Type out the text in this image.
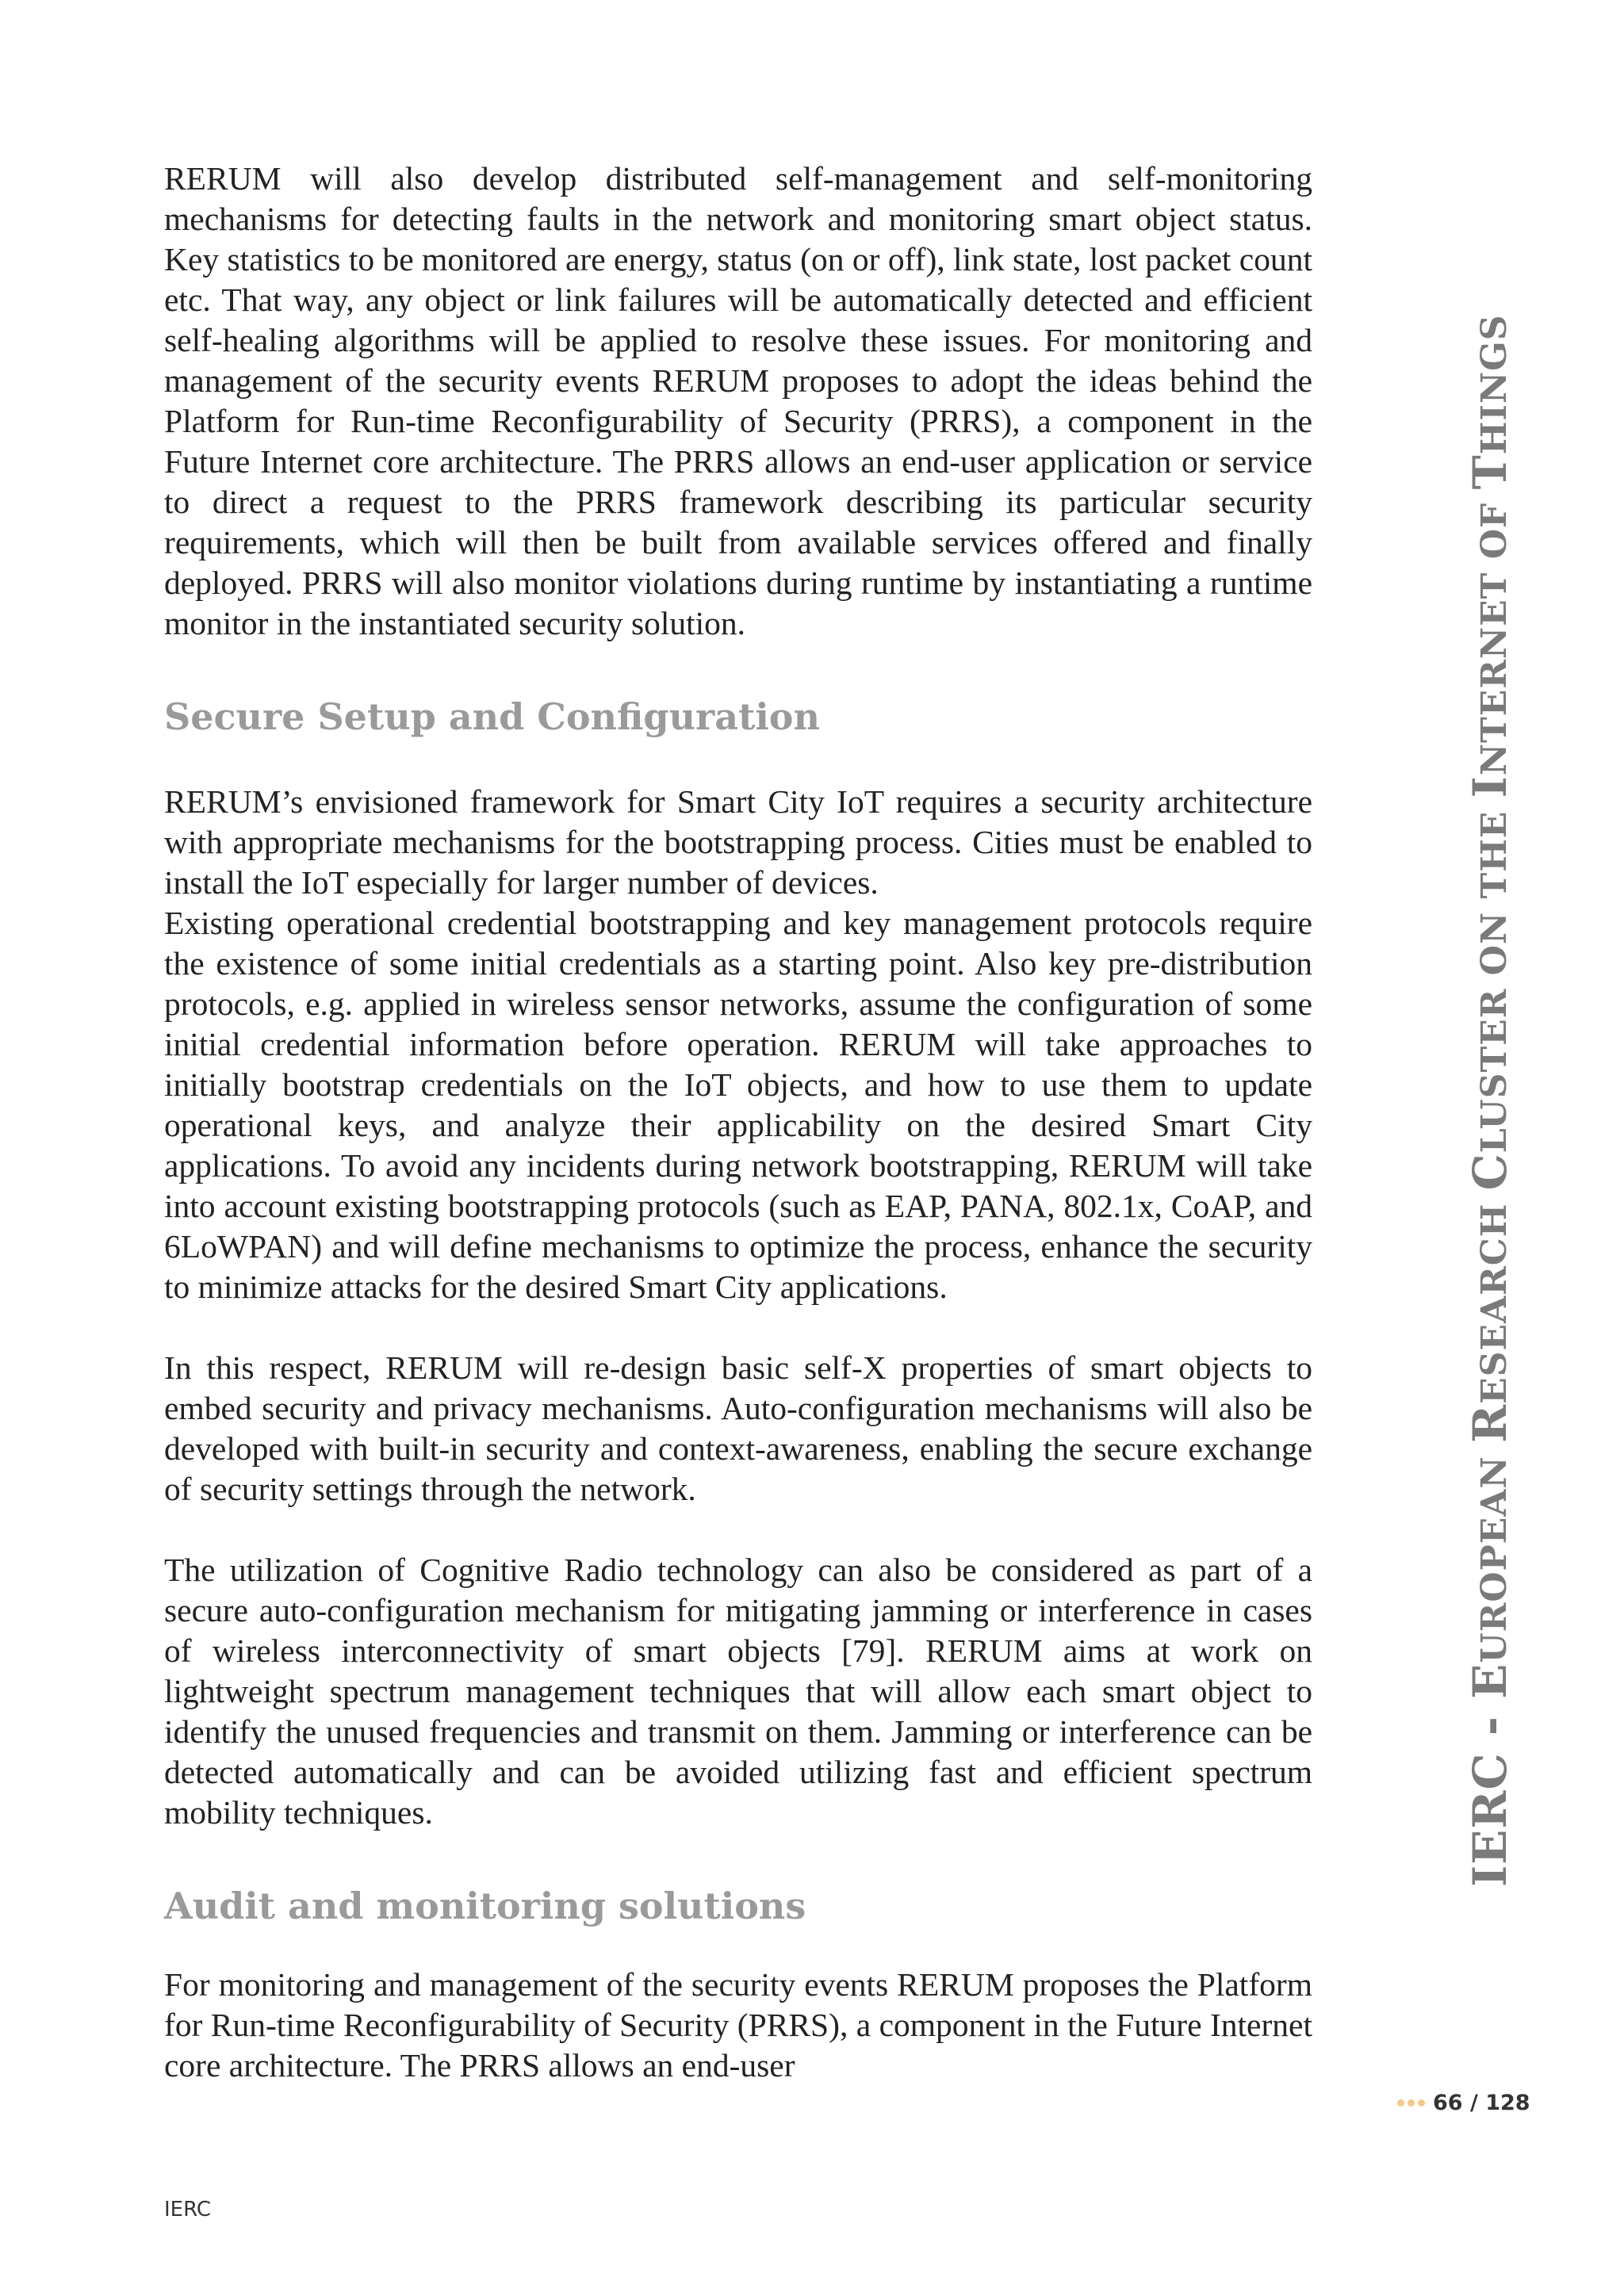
RERUM will also develop distributed self-management and self-monitoring mechanisms for detecting faults in the network and monitoring smart object status. Key statistics to be monitored are energy, status (on or off), link state, lost packet count etc. That way, any object or link failures will be automatically detected and efficient self-healing algorithms will be applied to resolve these issues. For monitoring and management of the security events RERUM proposes to adopt the ideas behind the Platform for Run-time Reconfigurability of Security (PRRS), a component in the Future Internet core architecture. The PRRS allows an end-user application or service to direct a request to the PRRS framework describing its particular security requirements, which will then be built from available services offered and finally deployed. PRRS will also monitor violations during runtime by instantiating a runtime monitor in the instantiated security solution.

Secure Setup and Configuration

RERUM’s envisioned framework for Smart City IoT requires a security architecture with appropriate mechanisms for the bootstrapping process. Cities must be enabled to install the IoT especially for larger number of devices.

Existing operational credential bootstrapping and key management protocols require the existence of some initial credentials as a starting point. Also key pre-distribution protocols, e.g. applied in wireless sensor networks, assume the configuration of some initial credential information before operation. RERUM will take approaches to initially bootstrap credentials on the IoT objects, and how to use them to update operational keys, and analyze their applicability on the desired Smart City applications. To avoid any incidents during network bootstrapping, RERUM will take into account existing bootstrapping protocols (such as EAP, PANA, 802.1x, CoAP, and 6LoWPAN) and will define mechanisms to optimize the process, enhance the security to minimize attacks for the desired Smart City applications.

In this respect, RERUM will re-design basic self-X properties of smart objects to embed security and privacy mechanisms. Auto-configuration mechanisms will also be developed with built-in security and context-awareness, enabling the secure exchange of security settings through the network.

The utilization of Cognitive Radio technology can also be considered as part of a secure auto-configuration mechanism for mitigating jamming or interference in cases of wireless interconnectivity of smart objects [79]. RERUM aims at work on lightweight spectrum management techniques that will allow each smart object to identify the unused frequencies and transmit on them. Jamming or interference can be detected automatically and can be avoided utilizing fast and efficient spectrum mobility techniques.

Audit and monitoring solutions

For monitoring and management of the security events RERUM proposes the Platform for Run-time Reconfigurability of Security (PRRS), a component in the Future Internet core architecture. The PRRS allows an end-user

IERC - EUROPEAN RESEARCH CLUSTER ON THE INTERNET OF THINGS
66 / 128
IERC
